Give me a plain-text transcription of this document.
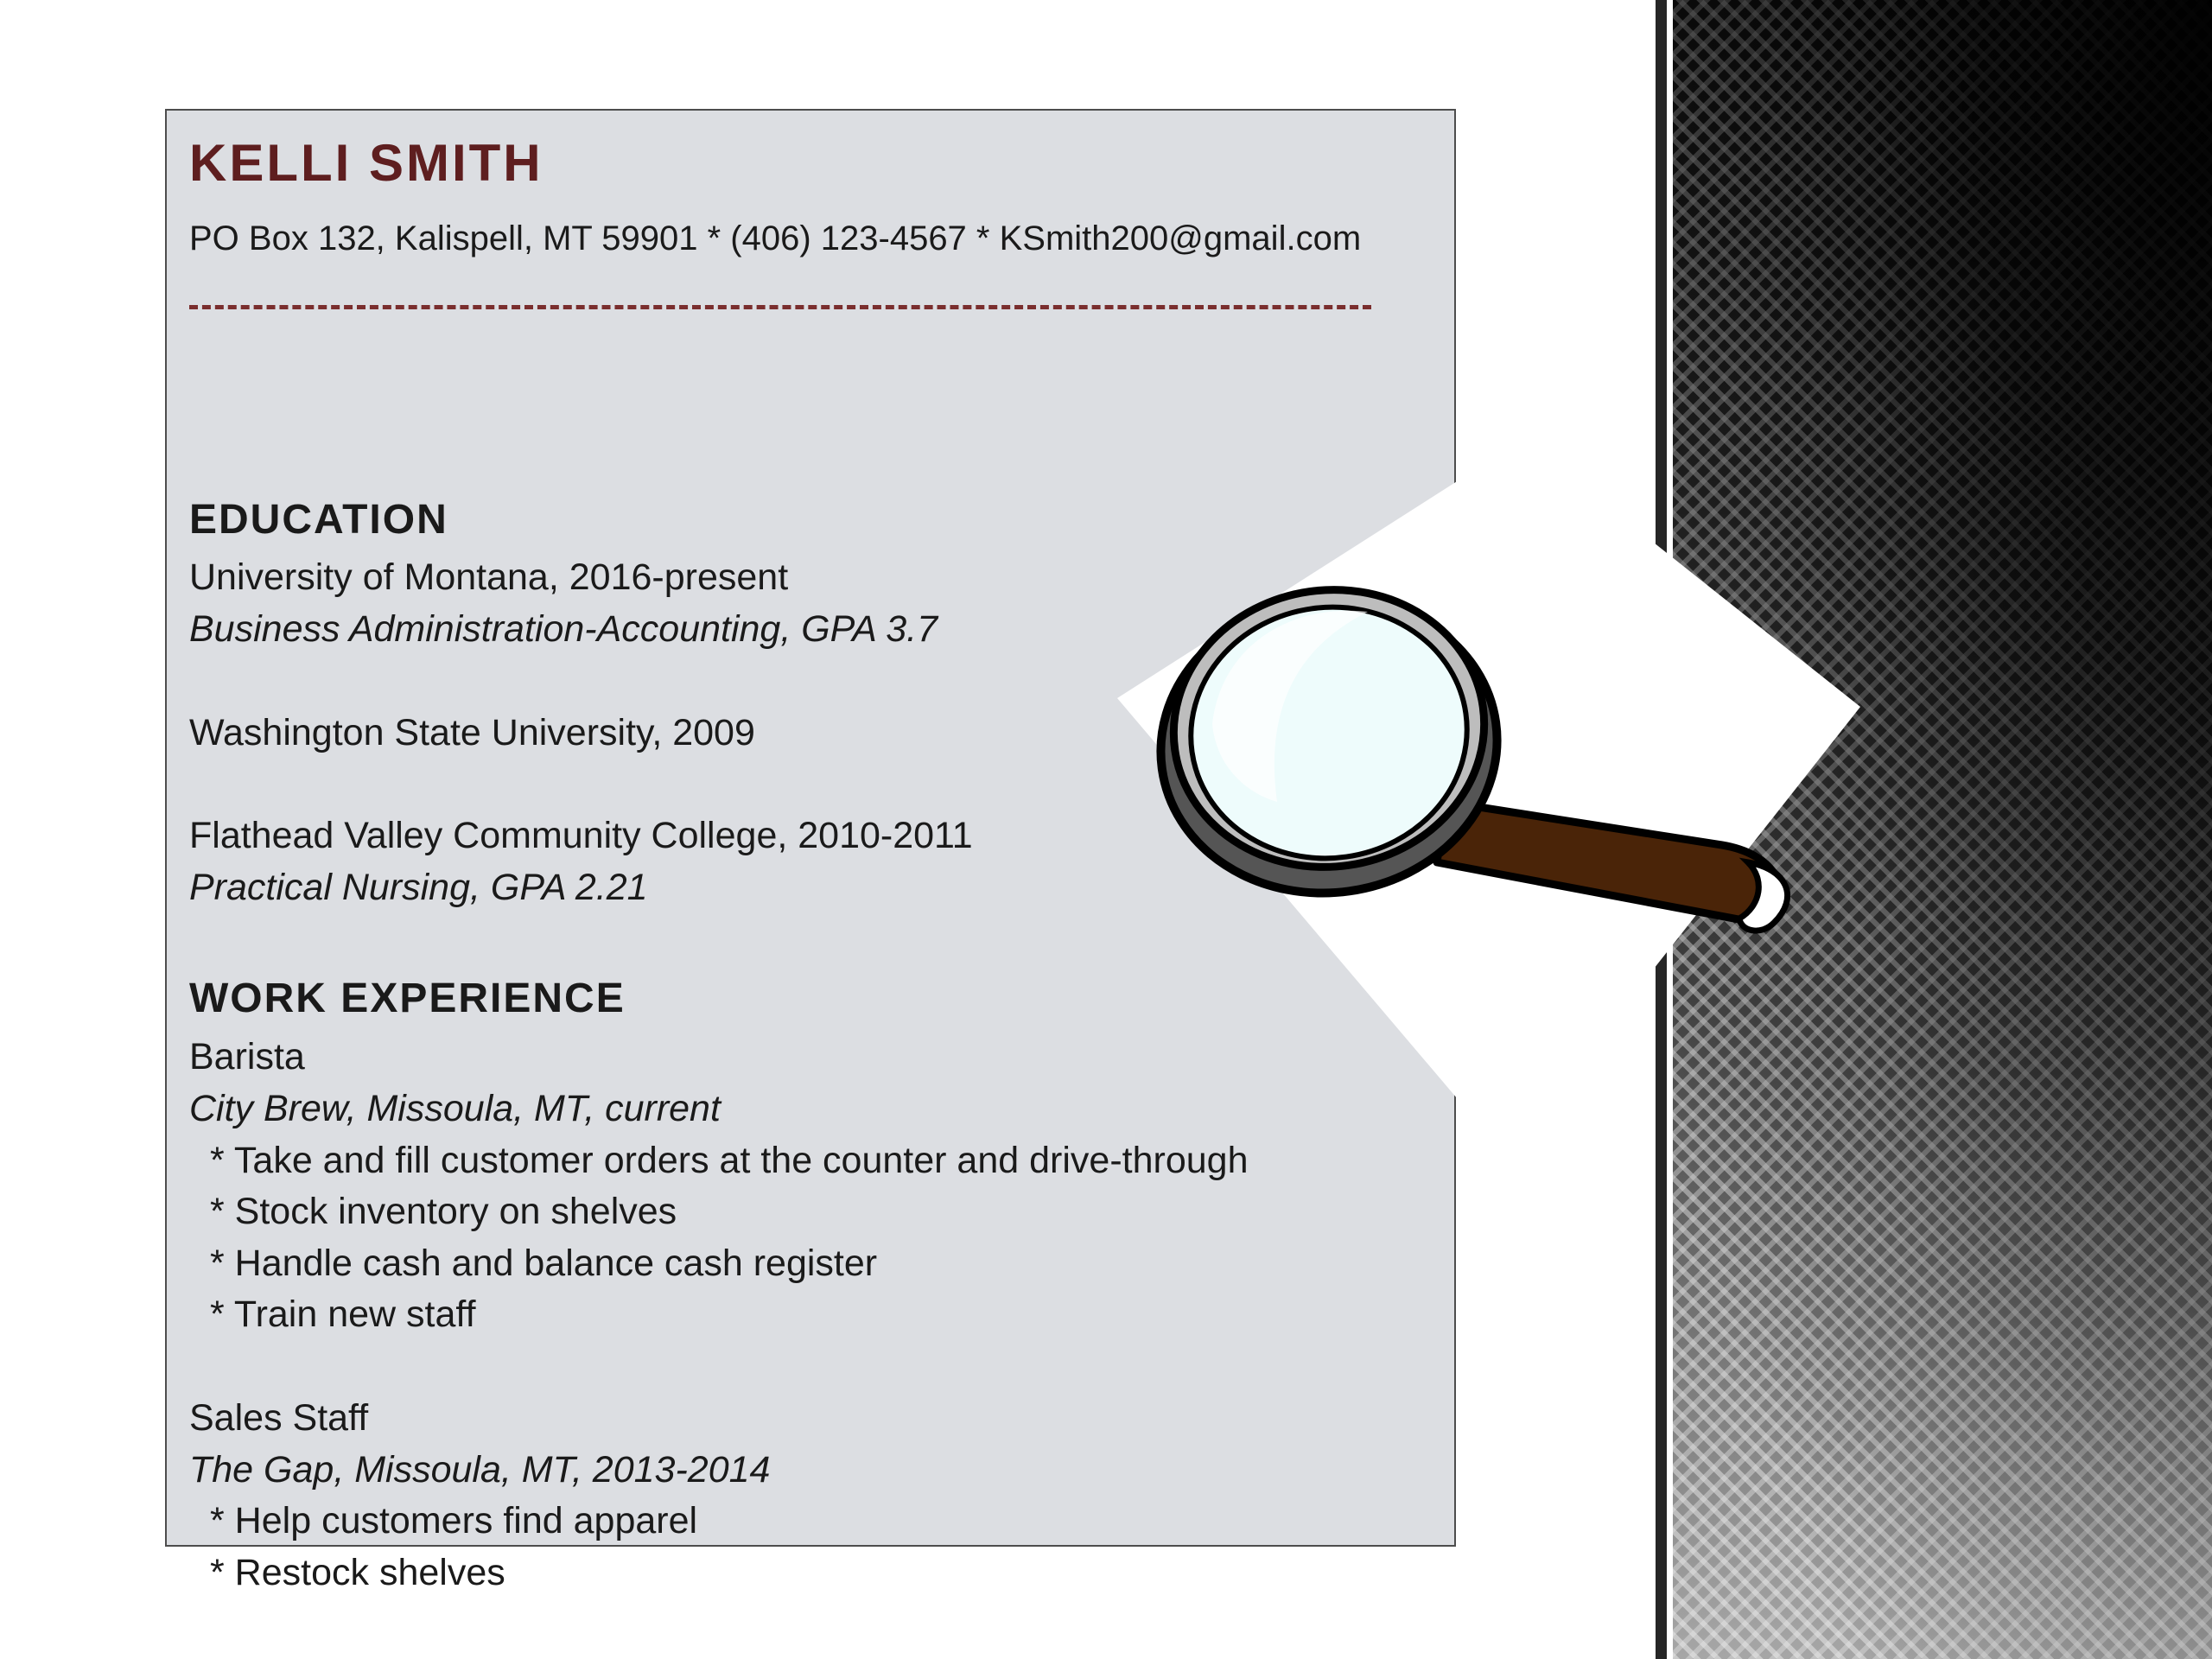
KELLI SMITH
PO Box 132, Kalispell, MT 59901 * (406) 123-4567 * KSmith200@gmail.com
EDUCATION
University of Montana, 2016-present
Business Administration-Accounting, GPA 3.7
Washington State University, 2009
Flathead Valley Community College, 2010-2011
Practical Nursing, GPA 2.21
WORK EXPERIENCE
Barista
City Brew, Missoula, MT, current
* Take and fill customer orders at the counter and drive-through
* Stock inventory on shelves
* Handle cash and balance cash register
* Train new staff
Sales Staff
The Gap, Missoula, MT, 2013-2014
* Help customers find apparel
* Restock shelves
